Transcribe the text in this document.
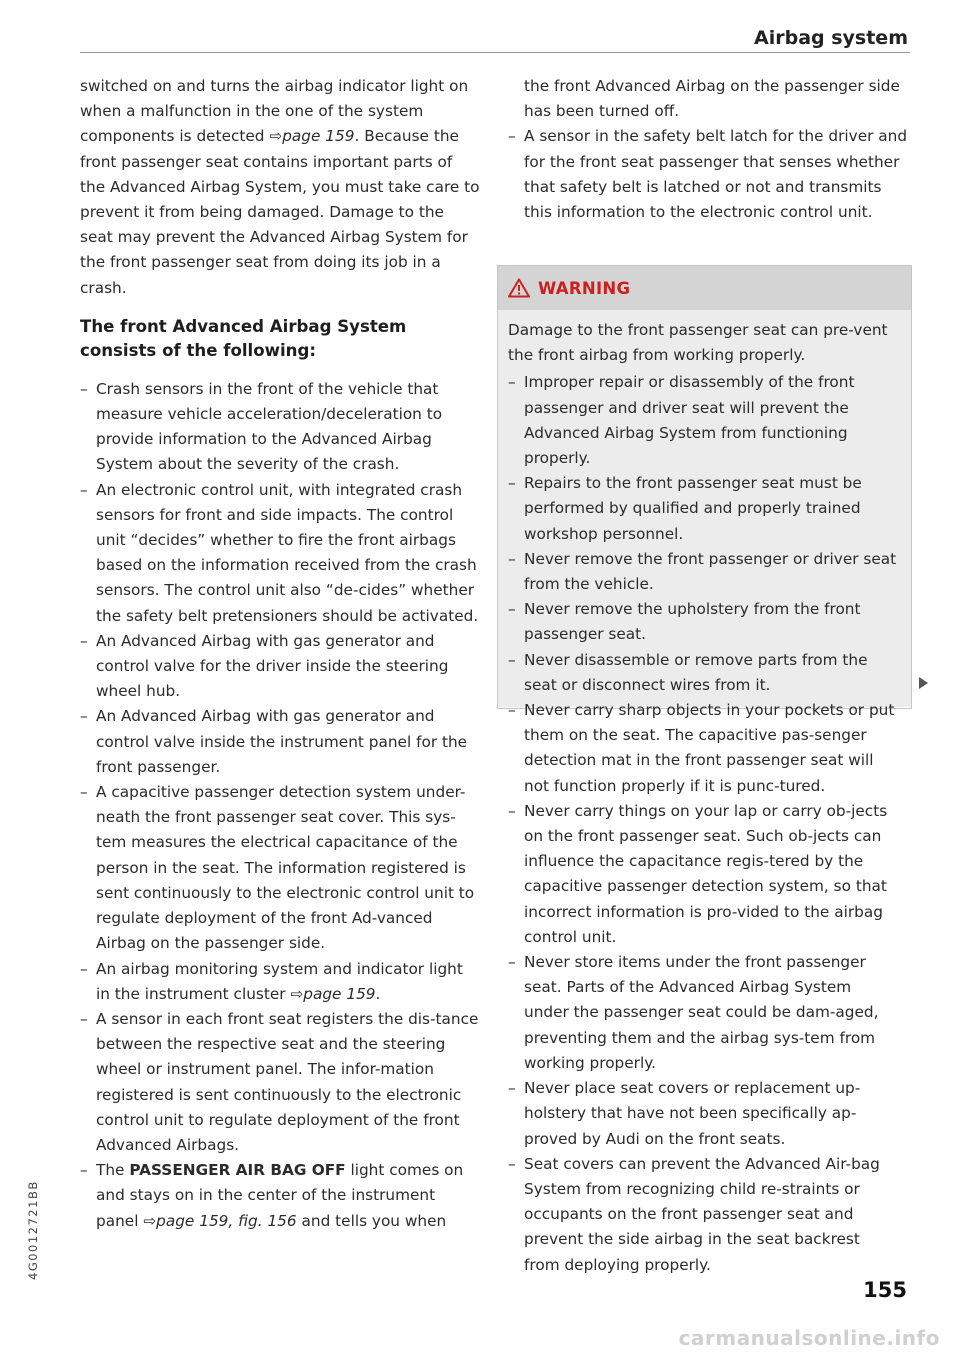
Airbag system

switched on and turns the airbag indicator light on when a malfunction in the one of the system components is detected ⇨page 159. Because the front passenger seat contains important parts of the Advanced Airbag System, you must take care to prevent it from being damaged. Damage to the seat may prevent the Advanced Airbag System for the front passenger seat from doing its job in a crash.

The front Advanced Airbag System consists of the following:
– Crash sensors in the front of the vehicle that measure vehicle acceleration/deceleration to provide information to the Advanced Airbag System about the severity of the crash.
– An electronic control unit, with integrated crash sensors for front and side impacts. The control unit “decides” whether to fire the front airbags based on the information received from the crash sensors. The control unit also “de-cides” whether the safety belt pretensioners should be activated.
– An Advanced Airbag with gas generator and control valve for the driver inside the steering wheel hub.
– An Advanced Airbag with gas generator and control valve inside the instrument panel for the front passenger.
– A capacitive passenger detection system under-neath the front passenger seat cover. This sys-tem measures the electrical capacitance of the person in the seat. The information registered is sent continuously to the electronic control unit to regulate deployment of the front Ad-vanced Airbag on the passenger side.
– An airbag monitoring system and indicator light in the instrument cluster ⇨page 159.
– A sensor in each front seat registers the dis-tance between the respective seat and the steering wheel or instrument panel. The infor-mation registered is sent continuously to the electronic control unit to regulate deployment of the front Advanced Airbags.
– The PASSENGER AIR BAG OFF light comes on and stays on in the center of the instrument panel ⇨page 159, fig. 156 and tells you when

the front Advanced Airbag on the passenger side has been turned off.

– A sensor in the safety belt latch for the driver and for the front seat passenger that senses whether that safety belt is latched or not and transmits this information to the electronic control unit.
WARNING

Damage to the front passenger seat can pre-vent the front airbag from working properly.

– Improper repair or disassembly of the front passenger and driver seat will prevent the Advanced Airbag System from functioning properly.
– Repairs to the front passenger seat must be performed by qualified and properly trained workshop personnel.
– Never remove the front passenger or driver seat from the vehicle.
– Never remove the upholstery from the front passenger seat.
– Never disassemble or remove parts from the seat or disconnect wires from it.
– Never carry sharp objects in your pockets or put them on the seat. The capacitive pas-senger detection mat in the front passenger seat will not function properly if it is punc-tured.
– Never carry things on your lap or carry ob-jects on the front passenger seat. Such ob-jects can influence the capacitance regis-tered by the capacitive passenger detection system, so that incorrect information is pro-vided to the airbag control unit.
– Never store items under the front passenger seat. Parts of the Advanced Airbag System under the passenger seat could be dam-aged, preventing them and the airbag sys-tem from working properly.
– Never place seat covers or replacement up-holstery that have not been specifically ap-proved by Audi on the front seats.
– Seat covers can prevent the Advanced Air-bag System from recognizing child re-straints or occupants on the front passenger seat and prevent the side airbag in the seat backrest from deploying properly.
4G0012721BB
155
carmanualsonline.info
